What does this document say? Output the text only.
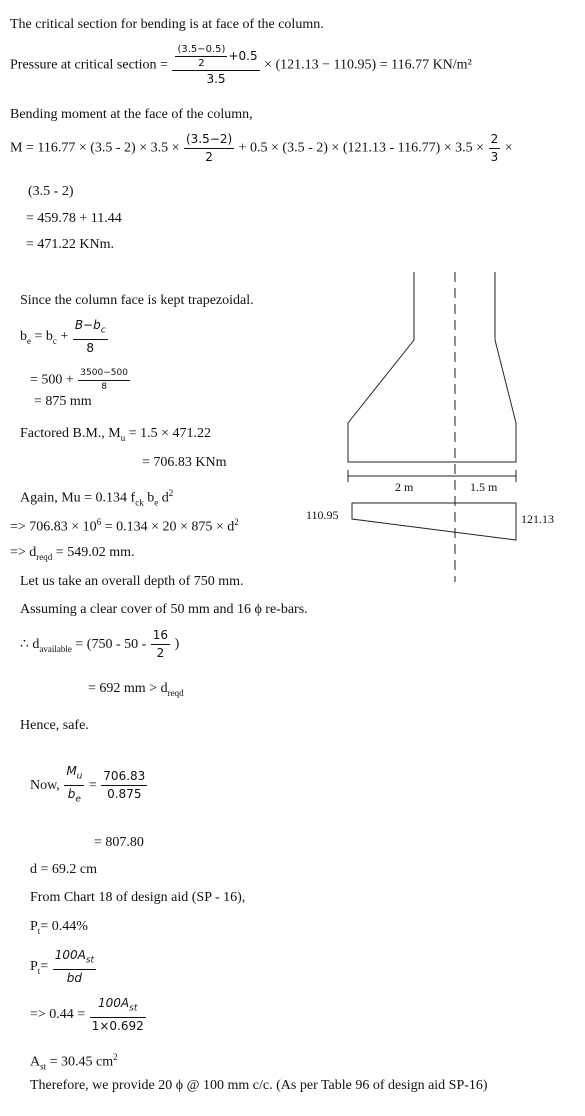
The critical section for bending is at face of the column.
Pressure at critical section = $\frac{\frac{(3.5-0.5)}{2} +0.5}{3.5} \times (121.13 - 110.95) = 116.77$ KN/m²
Bending moment at the face of the column,
$M = 116.77 \times (3.5 - 2) \times 3.5 \times \frac{(3.5-2)}{2} + 0.5 \times (3.5 - 2) \times (121.13 - 116.77) \times 3.5 \times \frac{2}{3}$ ×
(3.5 - 2)
= 459.78 + 11.44
= 471.22 KNm.
Since the column face is kept trapezoidal.
$b_e = b_c + \frac{B-b_c}{8}$
= $500 + \frac{3500-500}{8}$
= 875 mm
Factored B.M., $M_u = 1.5 \times 471.22$
= 706.83 KNm
Again, Mu = 0.134 $f_{ck}$ $b_e$ $d^2$
=> $706.83 \times 10^6 = 0.134 \times 20 \times 875 \times d^2$
=> $d_{reqd} = 549.02$ mm.
Let us take an overall depth of 750 mm.
Assuming a clear cover of 50 mm and 16 ϕ re-bars.
∴ $d_{available} = (750 - 50 - \frac{16}{2}$ )
= 692 mm > $d_{reqd}$
Hence, safe.
Now, $\frac{M_u}{b_e} = \frac{706.83}{0.875}$
= 807.80
d = 69.2 cm
From Chart 18 of design aid (SP - 16),
$P_t= 0.44\%$
$P_t= \frac{100A_{st}}{bd}$
=> $0.44 = \frac{100A_{st}}{1\times 0.692}$
$A_{st} = 30.45$ $cm^2$
Therefore, we provide 20 ϕ @ 100 mm c/c. (As per Table 96 of design aid SP-16)
2 m	1.5 m
110.95	121.13
